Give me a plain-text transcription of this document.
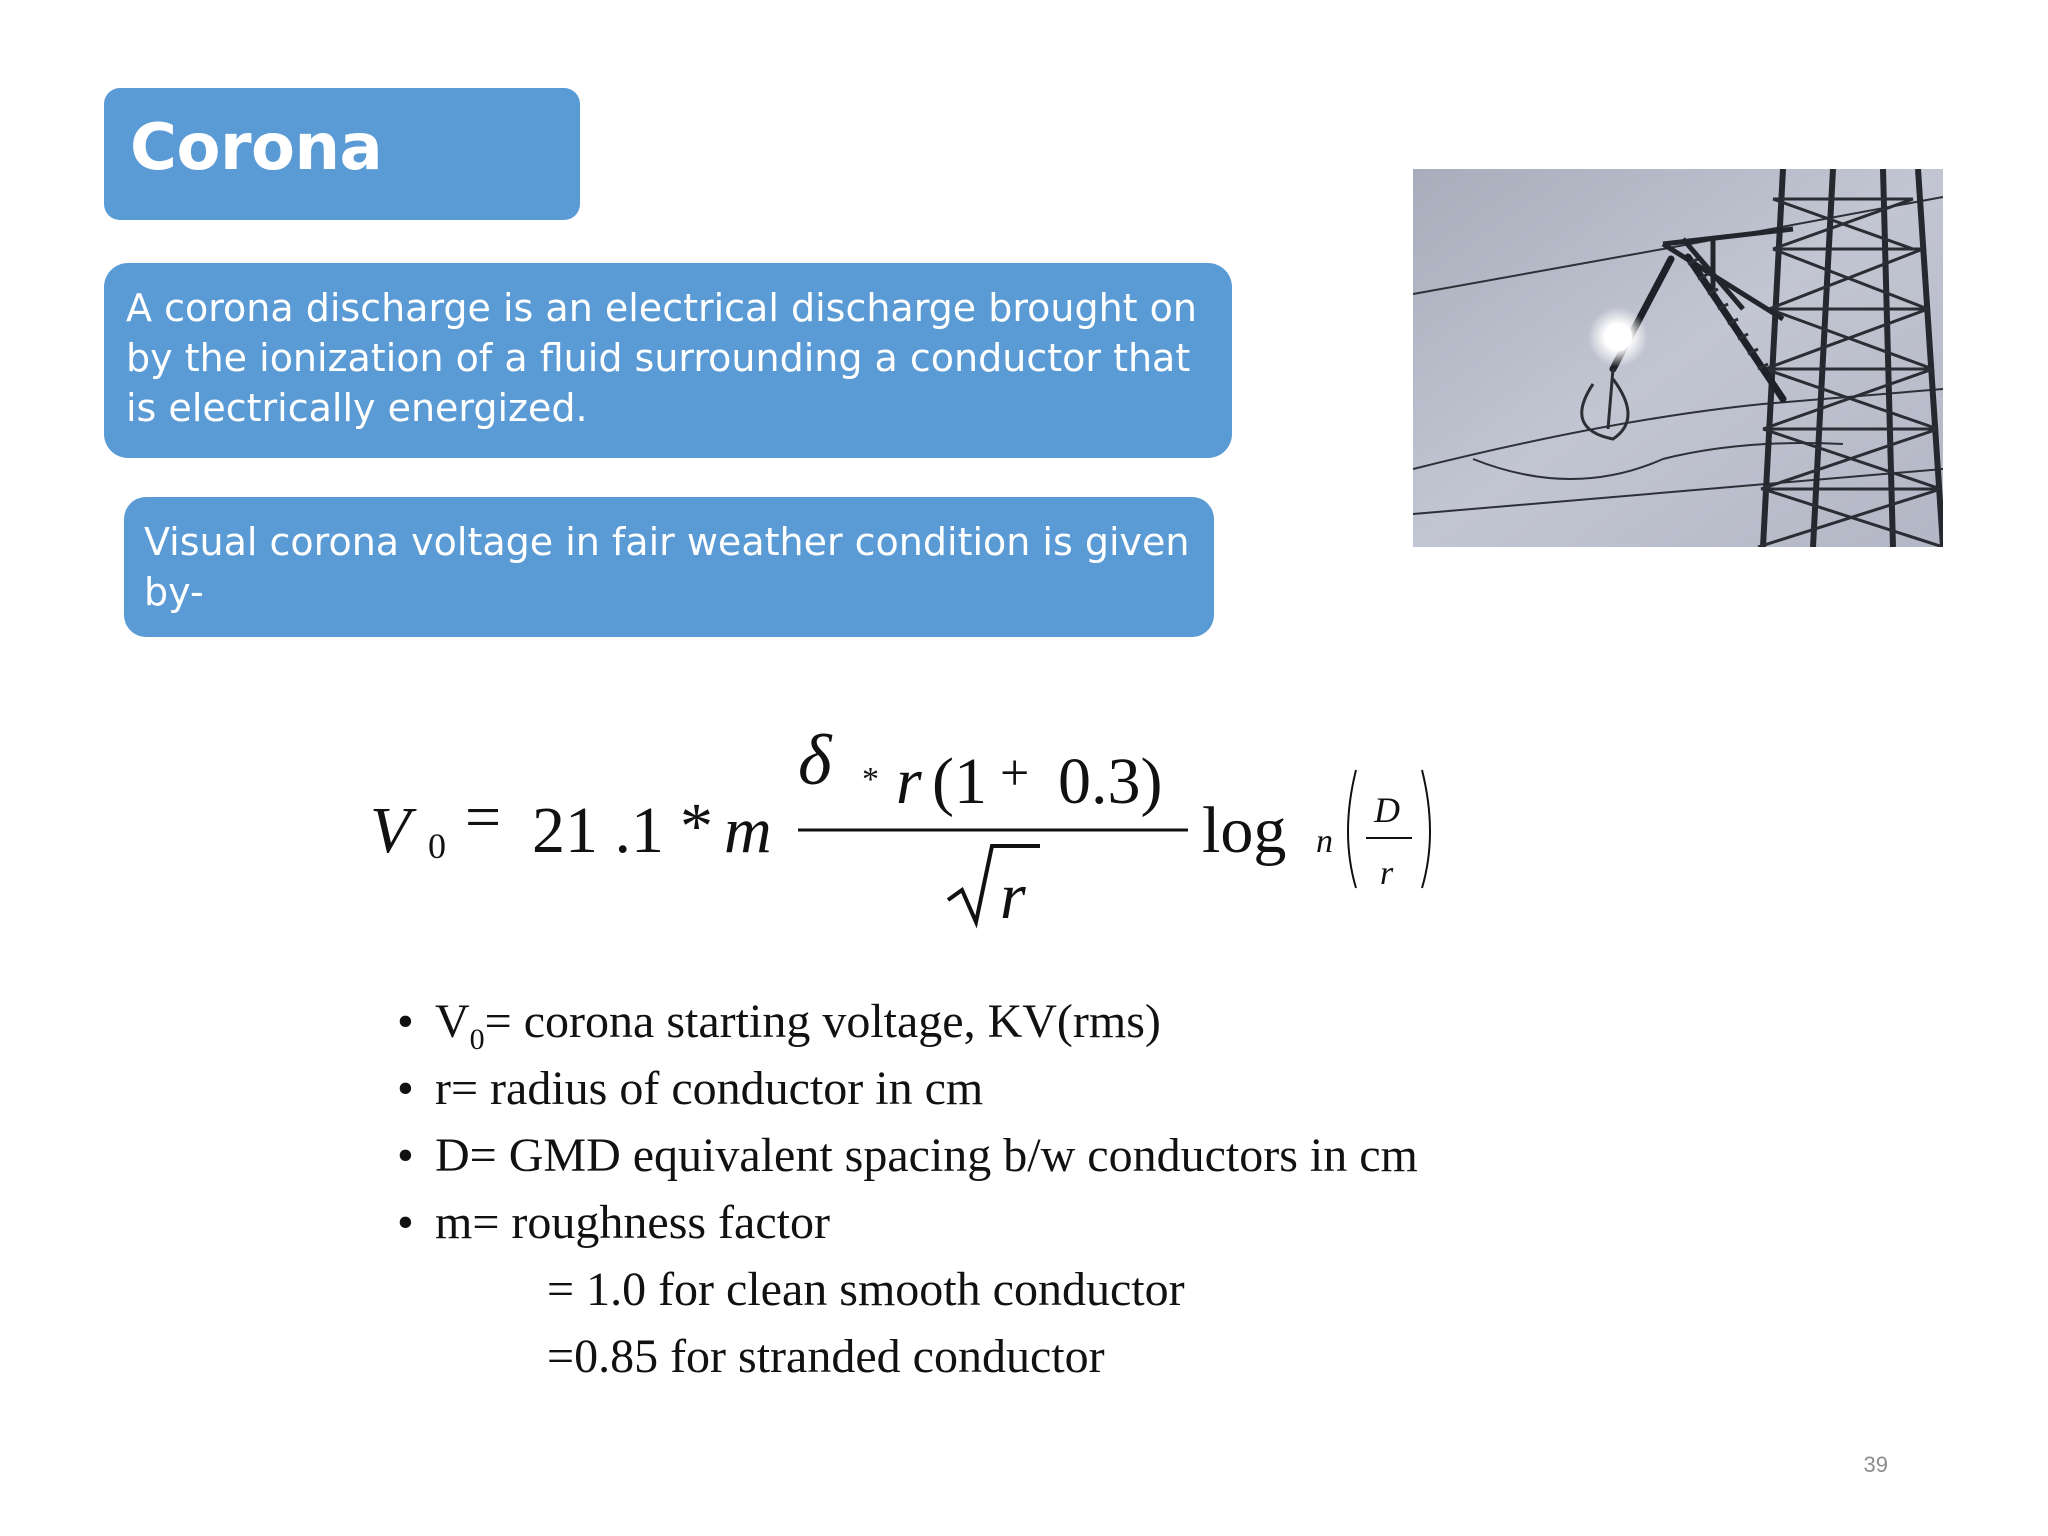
Corona
A corona discharge is an electrical discharge brought on by the ionization of a fluid surrounding a conductor that is electrically energized.
Visual corona voltage in fair weather condition is given by-
V 0 = 21 .1 * m
δ * r (1 + 0.3)
r
log n
D
r
• $V_0=$ corona starting voltage, KV(rms)
• r= radius of conductor in cm
• D= GMD equivalent spacing b/w conductors in cm
• m= roughness factor
= 1.0 for clean smooth conductor
=0.85 for stranded conductor
39
